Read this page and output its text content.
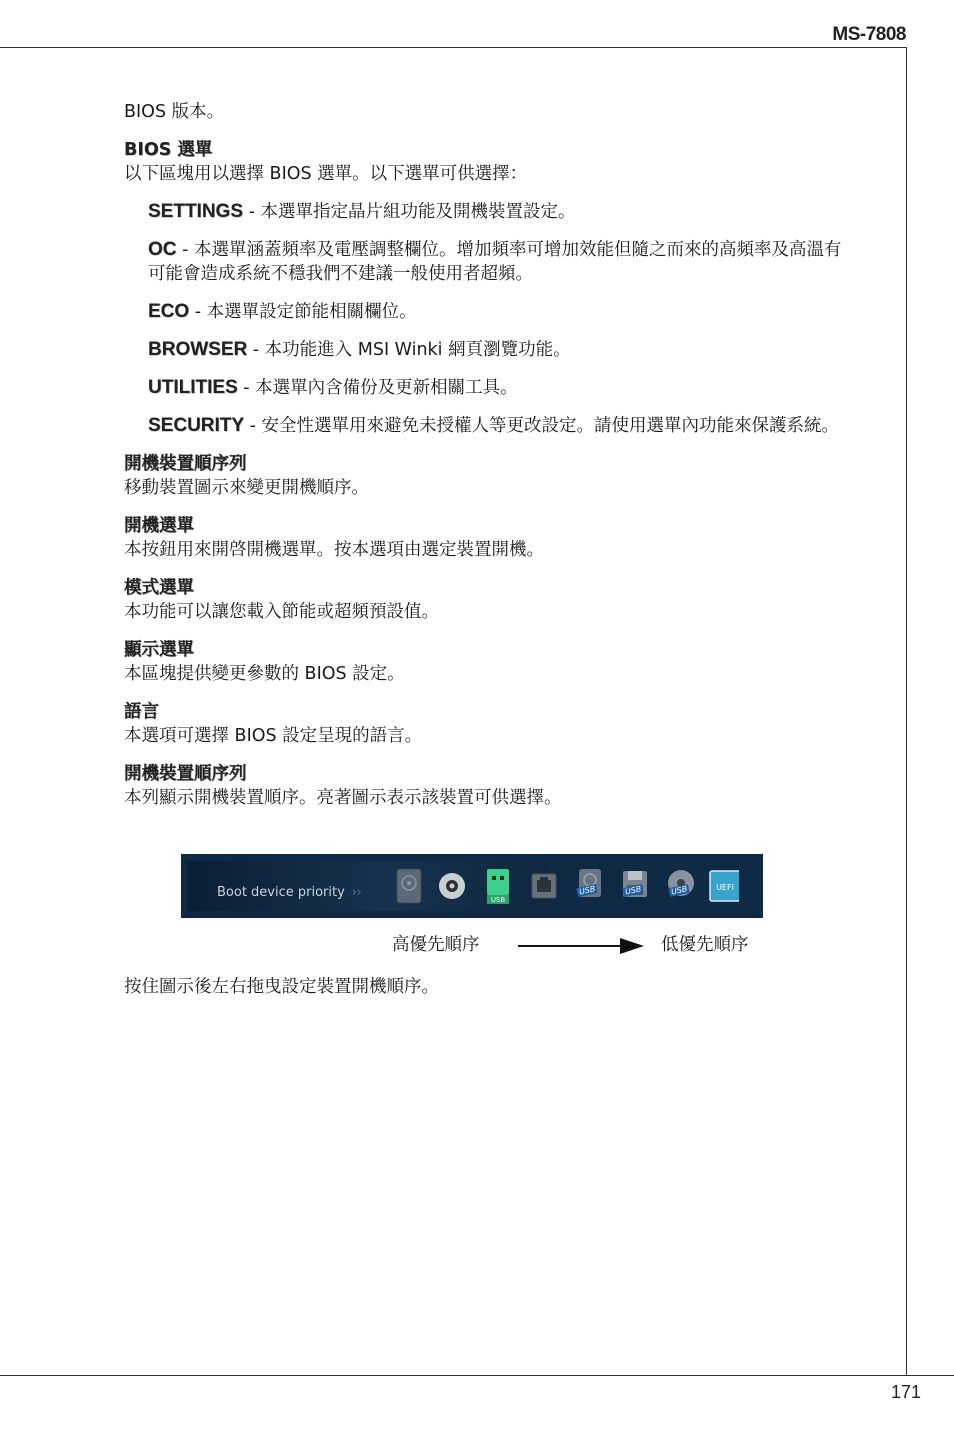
MS-7808
171

BIOS 版本。

BIOS 選單

以下區塊用以選擇 BIOS 選單。以下選單可供選擇：

SETTINGS - 本選單指定晶片組功能及開機裝置設定。

OC - 本選單涵蓋頻率及電壓調整欄位。增加頻率可增加效能但隨之而來的高頻率及高溫有可能會造成系統不穩我們不建議一般使用者超頻。

ECO - 本選單設定節能相關欄位。

BROWSER - 本功能進入 MSI Winki 網頁瀏覽功能。

UTILITIES - 本選單內含備份及更新相關工具。

SECURITY - 安全性選單用來避免未授權人等更改設定。請使用選單內功能來保護系統。

開機裝置順序列

移動裝置圖示來變更開機順序。

開機選單

本按鈕用來開啓開機選單。按本選項由選定裝置開機。

模式選單

本功能可以讓您載入節能或超頻預設值。

顯示選單

本區塊提供變更參數的 BIOS 設定。

語言

本選項可選擇 BIOS 設定呈現的語言。

開機裝置順序列

本列顯示開機裝置順序。亮著圖示表示該裝置可供選擇。

Boot device priority ››
USB
USB	USB	USB	UEFI
高優先順序	低優先順序
按住圖示後左右拖曳設定裝置開機順序。
